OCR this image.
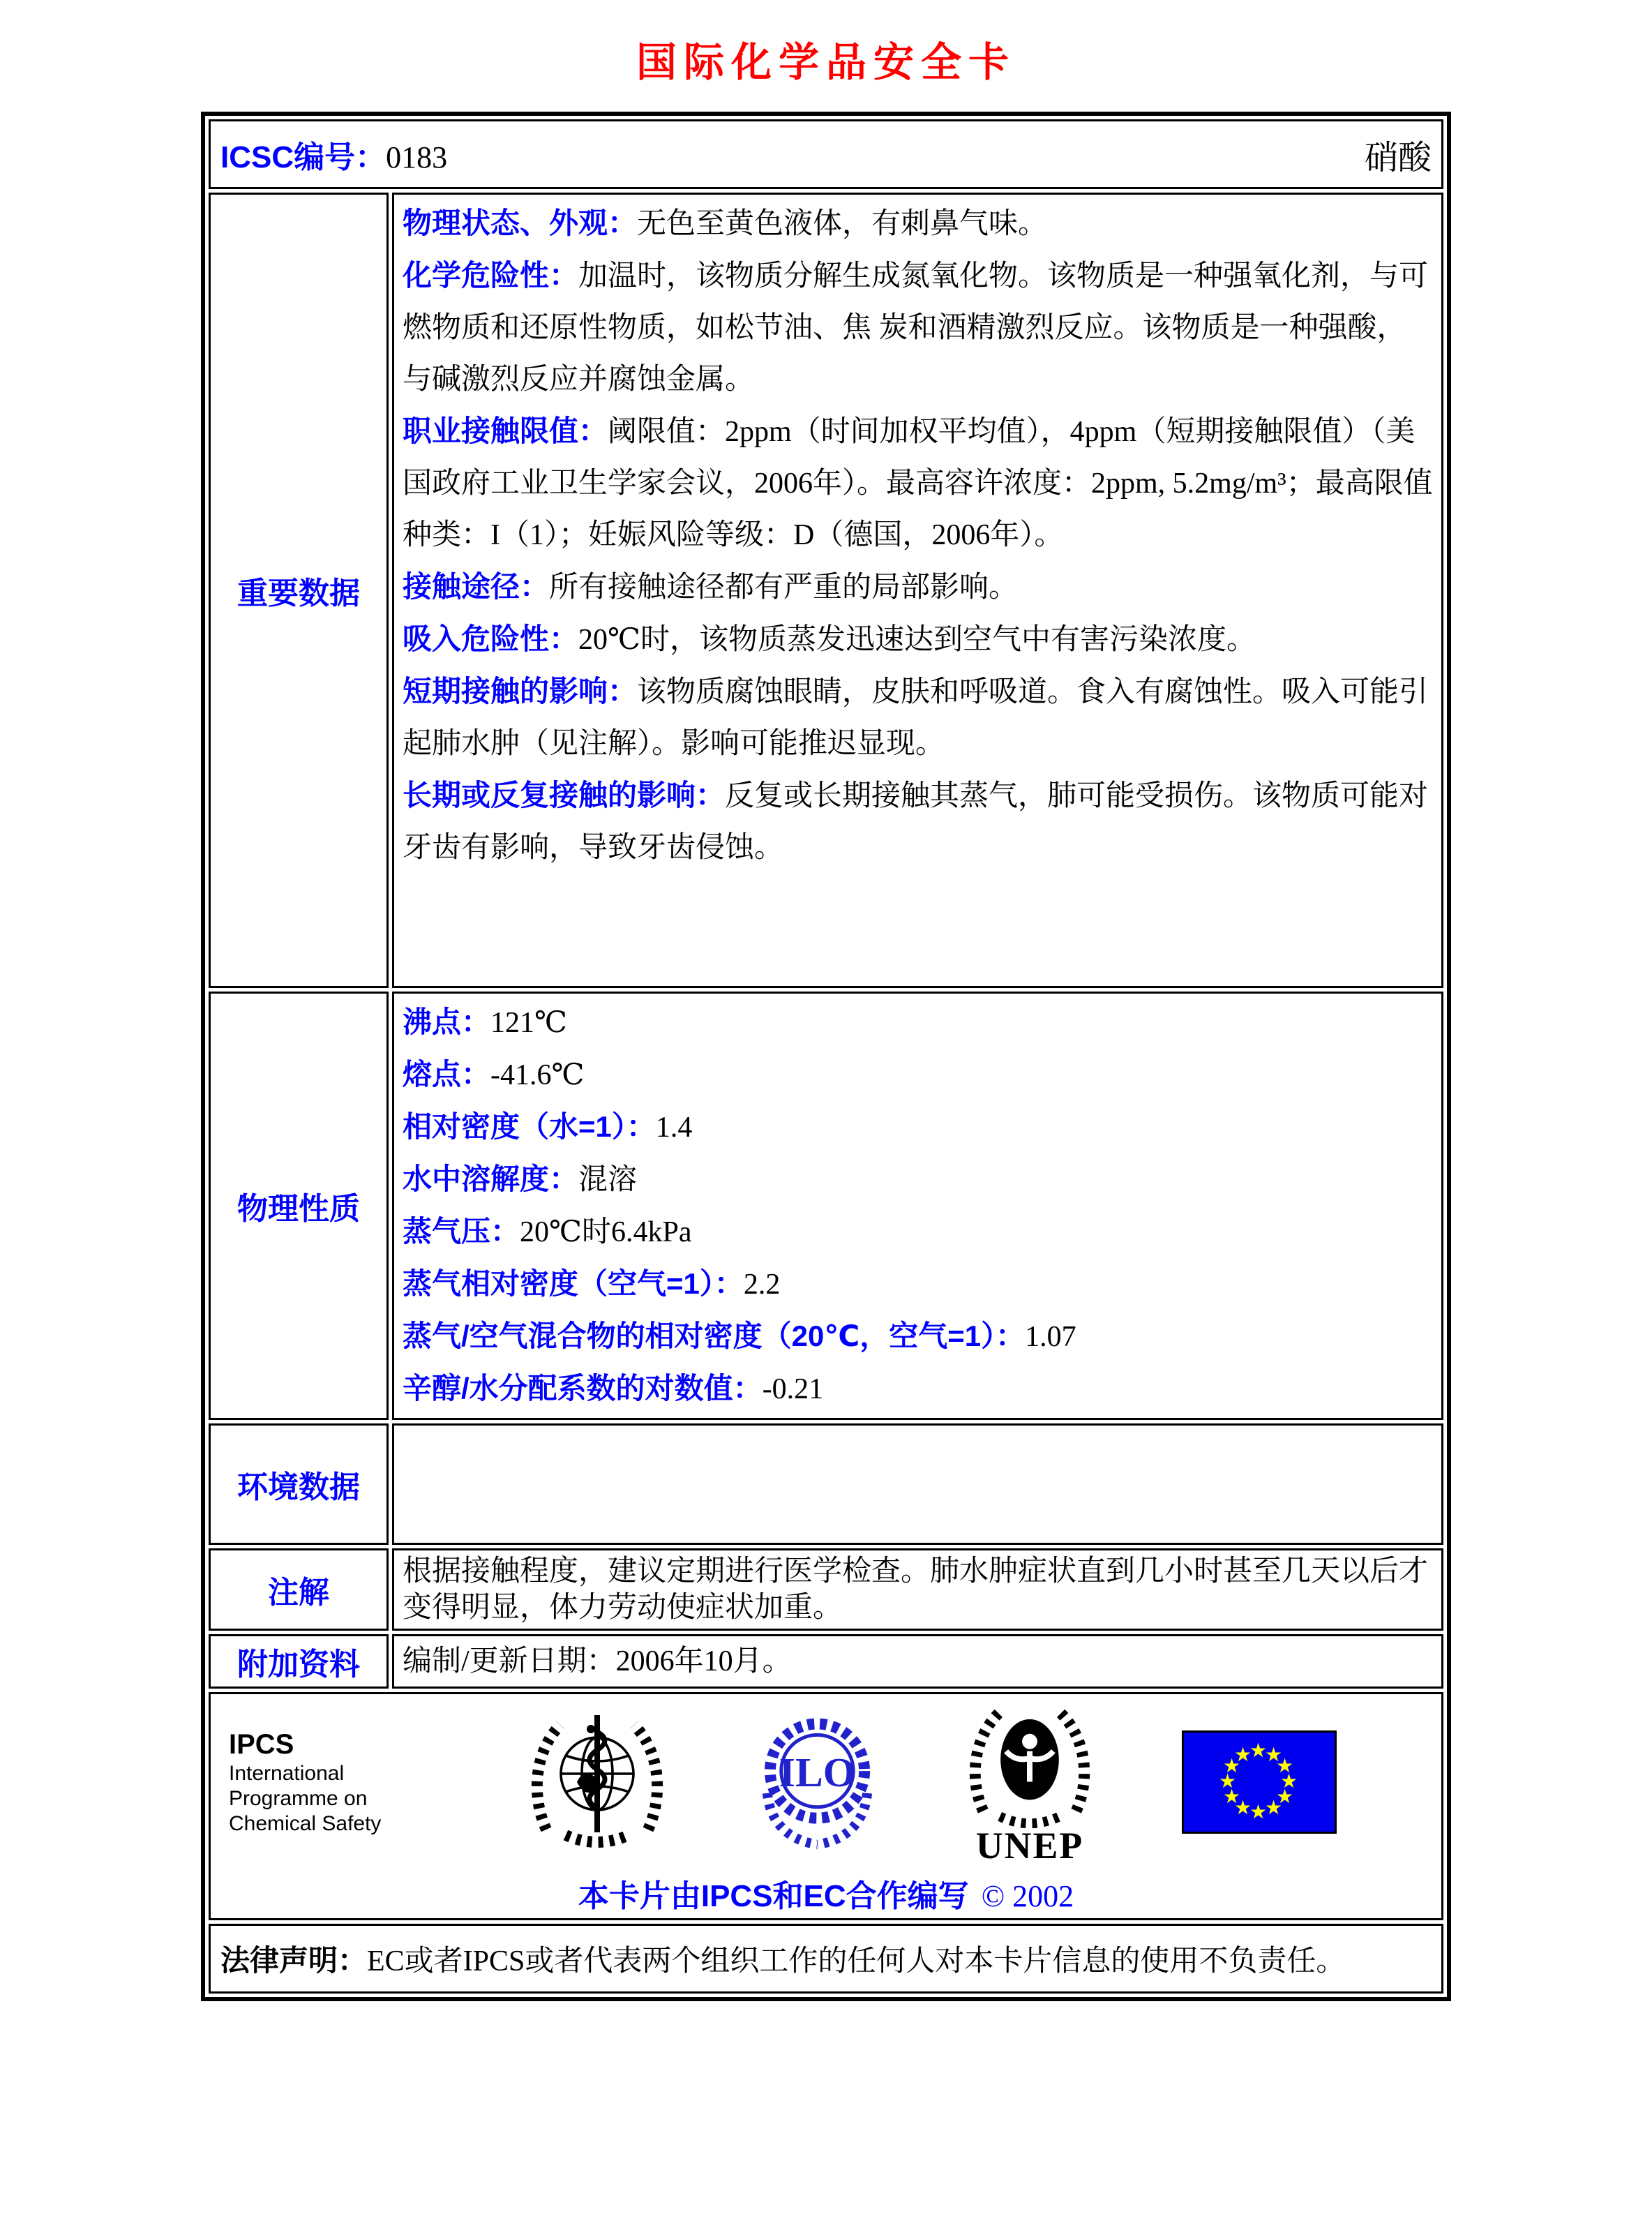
国际化学品安全卡
ICSC编号：0183 硝酸	

重要数据	
物理状态、外观：无色至黄色液体，有刺鼻气味。
化学危险性：加温时，该物质分解生成氮氧化物。该物质是一种强氧化剂，与可燃物质和还原性物质，如松节油、焦 炭和酒精激烈反应。该物质是一种强酸，与碱激烈反应并腐蚀金属。
职业接触限值：阈限值：2ppm（时间加权平均值），4ppm（短期接触限值）（美国政府工业卫生学家会议，2006年）。最高容许浓度：2ppm, 5.2mg/m³；最高限值种类：I（1）；妊娠风险等级：D（德国，2006年）。
接触途径：所有接触途径都有严重的局部影响。
吸入危险性：20℃时，该物质蒸发迅速达到空气中有害污染浓度。
短期接触的影响：该物质腐蚀眼睛，皮肤和呼吸道。食入有腐蚀性。吸入可能引起肺水肿（见注解）。影响可能推迟显现。
长期或反复接触的影响：反复或长期接触其蒸气，肺可能受损伤。该物质可能对牙齿有影响，导致牙齿侵蚀。

物理性质	
沸点：121℃
熔点：-41.6℃
相对密度（水=1）：1.4
水中溶解度：混溶
蒸气压：20℃时6.4kPa
蒸气相对密度（空气=1）：2.2
蒸气/空气混合物的相对密度（20℃，空气=1）：1.07
辛醇/水分配系数的对数值：-0.21

环境数据	
注解	根据接触程度，建议定期进行医学检查。肺水肿症状直到几小时甚至几天以后才变得明显，体力劳动使症状加重。
附加资料	编制/更新日期：2006年10月。

IPCS
International
Programme on
Chemical Safety
ILO
UNEP
★
★
★
★
★
★
★
★
★
★
★
★
本卡片由IPCS和EC合作编写 © 2002

法律声明：EC或者IPCS或者代表两个组织工作的任何人对本卡片信息的使用不负责任。	
